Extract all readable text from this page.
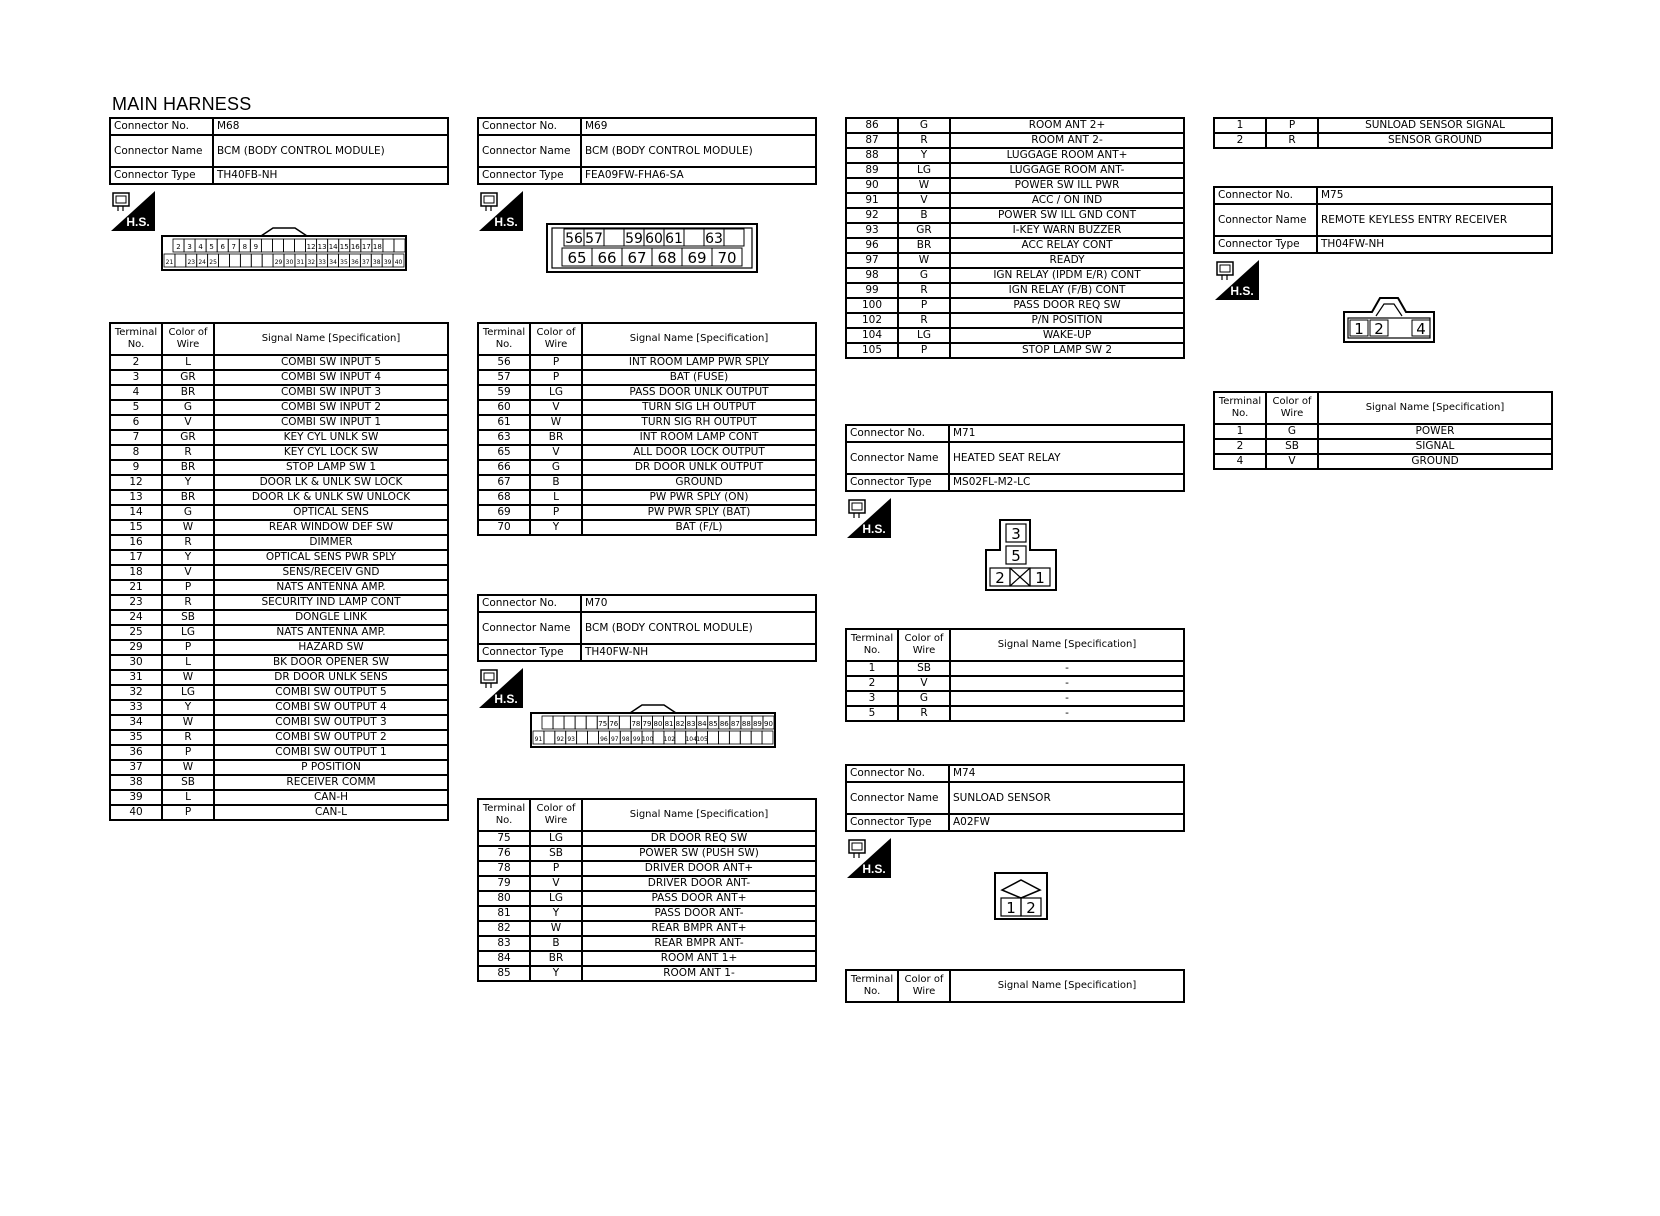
MAIN HARNESS
Connector No.	M68
Connector Name	BCM (BODY CONTROL MODULE)
Connector Type	TH40FB-NH
H.S.
2 3 4 5 6 7 8 9	12 13 14 15 16 17 18
21 23 24 25	29 30 31 32 33 34 35 36 37 38 39 40
Terminal No.	Color of Wire	Signal Name [Specification]
2	L	COMBI SW INPUT 5
3	GR	COMBI SW INPUT 4
4	BR	COMBI SW INPUT 3
5	G	COMBI SW INPUT 2
6	V	COMBI SW INPUT 1
7	GR	KEY CYL UNLK SW
8	R	KEY CYL LOCK SW
9	BR	STOP LAMP SW 1
12	Y	DOOR LK & UNLK SW LOCK
13	BR	DOOR LK & UNLK SW UNLOCK
14	G	OPTICAL SENS
15	W	REAR WINDOW DEF SW
16	R	DIMMER
17	Y	OPTICAL SENS PWR SPLY
18	V	SENS/RECEIV GND
21	P	NATS ANTENNA AMP.
23	R	SECURITY IND LAMP CONT
24	SB	DONGLE LINK
25	LG	NATS ANTENNA AMP.
29	P	HAZARD SW
30	L	BK DOOR OPENER SW
31	W	DR DOOR UNLK SENS
32	LG	COMBI SW OUTPUT 5
33	Y	COMBI SW OUTPUT 4
34	W	COMBI SW OUTPUT 3
35	R	COMBI SW OUTPUT 2
36	P	COMBI SW OUTPUT 1
37	W	P POSITION
38	SB	RECEIVER COMM
39	L	CAN-H
40	P	CAN-L
Connector No.	M69
Connector Name	BCM (BODY CONTROL MODULE)
Connector Type	FEA09FW-FHA6-SA
H.S.
56 57 59 60 61 63
65 66 67 68 69 70
Terminal No.	Color of Wire	Signal Name [Specification]
56	P	INT ROOM LAMP PWR SPLY
57	P	BAT (FUSE)
59	LG	PASS DOOR UNLK OUTPUT
60	V	TURN SIG LH OUTPUT
61	W	TURN SIG RH OUTPUT
63	BR	INT ROOM LAMP CONT
65	V	ALL DOOR LOCK OUTPUT
66	G	DR DOOR UNLK OUTPUT
67	B	GROUND
68	L	PW PWR SPLY (ON)
69	P	PW PWR SPLY (BAT)
70	Y	BAT (F/L)
Connector No.	M70
Connector Name	BCM (BODY CONTROL MODULE)
Connector Type	TH40FW-NH
H.S.
75 76 78 79 80 81 82 83 84 85 86 87 88 89 90
91 92 93	96 97 98 99 100 102 104 105
Terminal No.	Color of Wire	Signal Name [Specification]
75	LG	DR DOOR REQ SW
76	SB	POWER SW (PUSH SW)
78	P	DRIVER DOOR ANT+
79	V	DRIVER DOOR ANT-
80	LG	PASS DOOR ANT+
81	Y	PASS DOOR ANT-
82	W	REAR BMPR ANT+
83	B	REAR BMPR ANT-
84	BR	ROOM ANT 1+
85	Y	ROOM ANT 1-
86	G	ROOM ANT 2+
87	R	ROOM ANT 2-
88	Y	LUGGAGE ROOM ANT+
89	LG	LUGGAGE ROOM ANT-
90	W	POWER SW ILL PWR
91	V	ACC / ON IND
92	B	POWER SW ILL GND CONT
93	GR	I-KEY WARN BUZZER
96	BR	ACC RELAY CONT
97	W	READY
98	G	IGN RELAY (IPDM E/R) CONT
99	R	IGN RELAY (F/B) CONT
100	P	PASS DOOR REQ SW
102	R	P/N POSITION
104	LG	WAKE-UP
105	P	STOP LAMP SW 2
Connector No.	M71
Connector Name	HEATED SEAT RELAY
Connector Type	MS02FL-M2-LC
H.S.	3
5
2 1
Terminal No.	Color of Wire	Signal Name [Specification]
1	SB	-
2	V	-
3	G	-
5	R	-
Connector No.	M74
Connector Name	SUNLOAD SENSOR
Connector Type	A02FW
H.S.
1 2
Terminal No.	Color of Wire	Signal Name [Specification]
1	P	SUNLOAD SENSOR SIGNAL
2	R	SENSOR GROUND
Connector No.	M75
Connector Name	REMOTE KEYLESS ENTRY RECEIVER
Connector Type	TH04FW-NH
H.S.
1 2 4
Terminal No.	Color of Wire	Signal Name [Specification]
1	G	POWER
2	SB	SIGNAL
4	V	GROUND
